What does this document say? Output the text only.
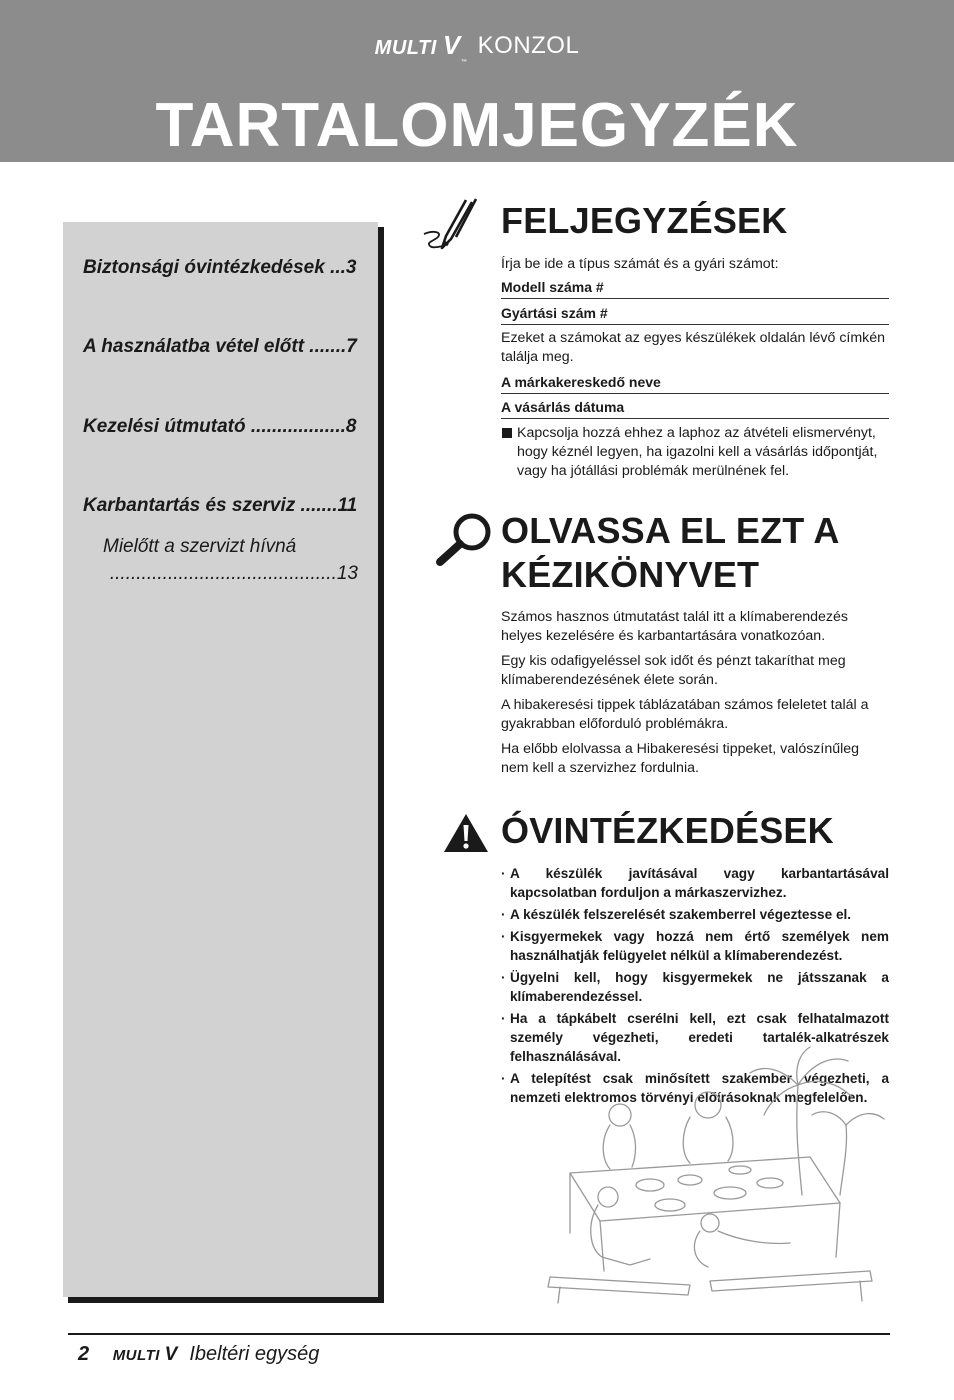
MULTI V™ KONZOL
TARTALOMJEGYZÉK
Biztonsági óvintézkedések ...3
A használatba vétel előtt .......7
Kezelési útmutató ..................8
Karbantartás és szerviz .......11
Mielőtt a szervizt hívná
...........................................13
FELJEGYZÉSEK
Írja be ide a típus számát és a gyári számot:
Modell száma #
Gyártási szám #
Ezeket a számokat az egyes készülékek oldalán lévő címkén találja meg.
A márkakereskedő neve
A vásárlás dátuma
Kapcsolja hozzá ehhez a laphoz az átvételi elismervényt, hogy kéznél legyen, ha igazolni kell a vásárlás időpontját, vagy ha jótállási problémák merülnének fel.
OLVASSA EL EZT A
KÉZIKÖNYVET
Számos hasznos útmutatást talál itt a klímaberendezés helyes kezelésére és karbantartására vonatkozóan.
Egy kis odafigyeléssel sok időt és pénzt takaríthat meg klímaberendezésének élete során.
A hibakeresési tippek táblázatában számos feleletet talál a gyakrabban előforduló problémákra.
Ha előbb elolvassa a Hibakeresési tippeket, valószínűleg nem kell a szervizhez fordulnia.
ÓVINTÉZKEDÉSEK
· A készülék javításával vagy karbantartásával kapcsolatban forduljon a márkaszervizhez.
· A készülék felszerelését szakemberrel végeztesse el.
· Kisgyermekek vagy hozzá nem értő személyek nem használhatják felügyelet nélkül a klímaberendezést.
· Ügyelni kell, hogy kisgyermekek ne játsszanak a klímaberendezéssel.
· Ha a tápkábelt cserélni kell, ezt csak felhatalmazott személy végezheti, eredeti tartalék-alkatrészek felhasználásával.
· A telepítést csak minősített szakember végezheti, a nemzeti elektromos törvényi előírásoknak megfelelően.
2 MULTI V Ibeltéri egység
